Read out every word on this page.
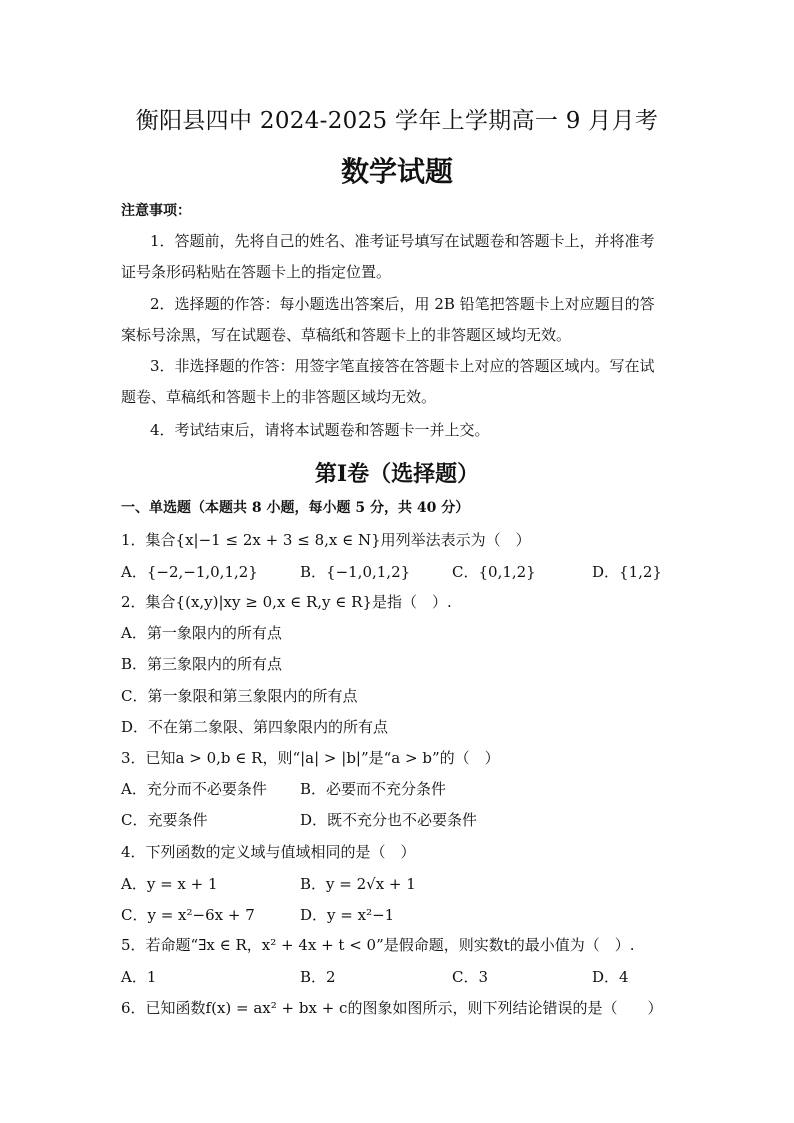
衡阳县四中 2024-2025 学年上学期高一 9 月月考
数学试题
注意事项：
1．答题前，先将自己的姓名、准考证号填写在试题卷和答题卡上，并将准考
证号条形码粘贴在答题卡上的指定位置。
2．选择题的作答：每小题选出答案后，用 2B 铅笔把答题卡上对应题目的答
案标号涂黑，写在试题卷、草稿纸和答题卡上的非答题区域均无效。
3．非选择题的作答：用签字笔直接答在答题卡上对应的答题区域内。写在试
题卷、草稿纸和答题卡上的非答题区域均无效。
4．考试结束后，请将本试题卷和答题卡一并上交。
第Ⅰ卷（选择题）
一、单选题（本题共 8 小题，每小题 5 分，共 40 分）
1．集合{x|−1 ≤ 2x + 3 ≤ 8,x ∈ N}用列举法表示为（　）
A．{−2,−1,0,1,2}	B．{−1,0,1,2}	C．{0,1,2}	D．{1,2}
2．集合{(x,y)|xy ≥ 0,x ∈ R,y ∈ R}是指（　）.
A．第一象限内的所有点
B．第三象限内的所有点
C．第一象限和第三象限内的所有点
D．不在第二象限、第四象限内的所有点
3．已知a > 0,b ∈ R，则“|a| > |b|”是“a > b”的（　）
A．充分而不必要条件 B．必要而不充分条件
C．充要条件	D．既不充分也不必要条件
4．下列函数的定义域与值域相同的是（　）
A．y = x + 1	B．y = 2√x + 1
C．y = x²−6x + 7	D．y = x²−1
5．若命题“∃x ∈ R，x² + 4x + t < 0”是假命题，则实数t的最小值为（　）.
A．1	B．2	C．3	D．4
6．已知函数f(x) = ax² + bx + c的图象如图所示，则下列结论错误的是（　　）
